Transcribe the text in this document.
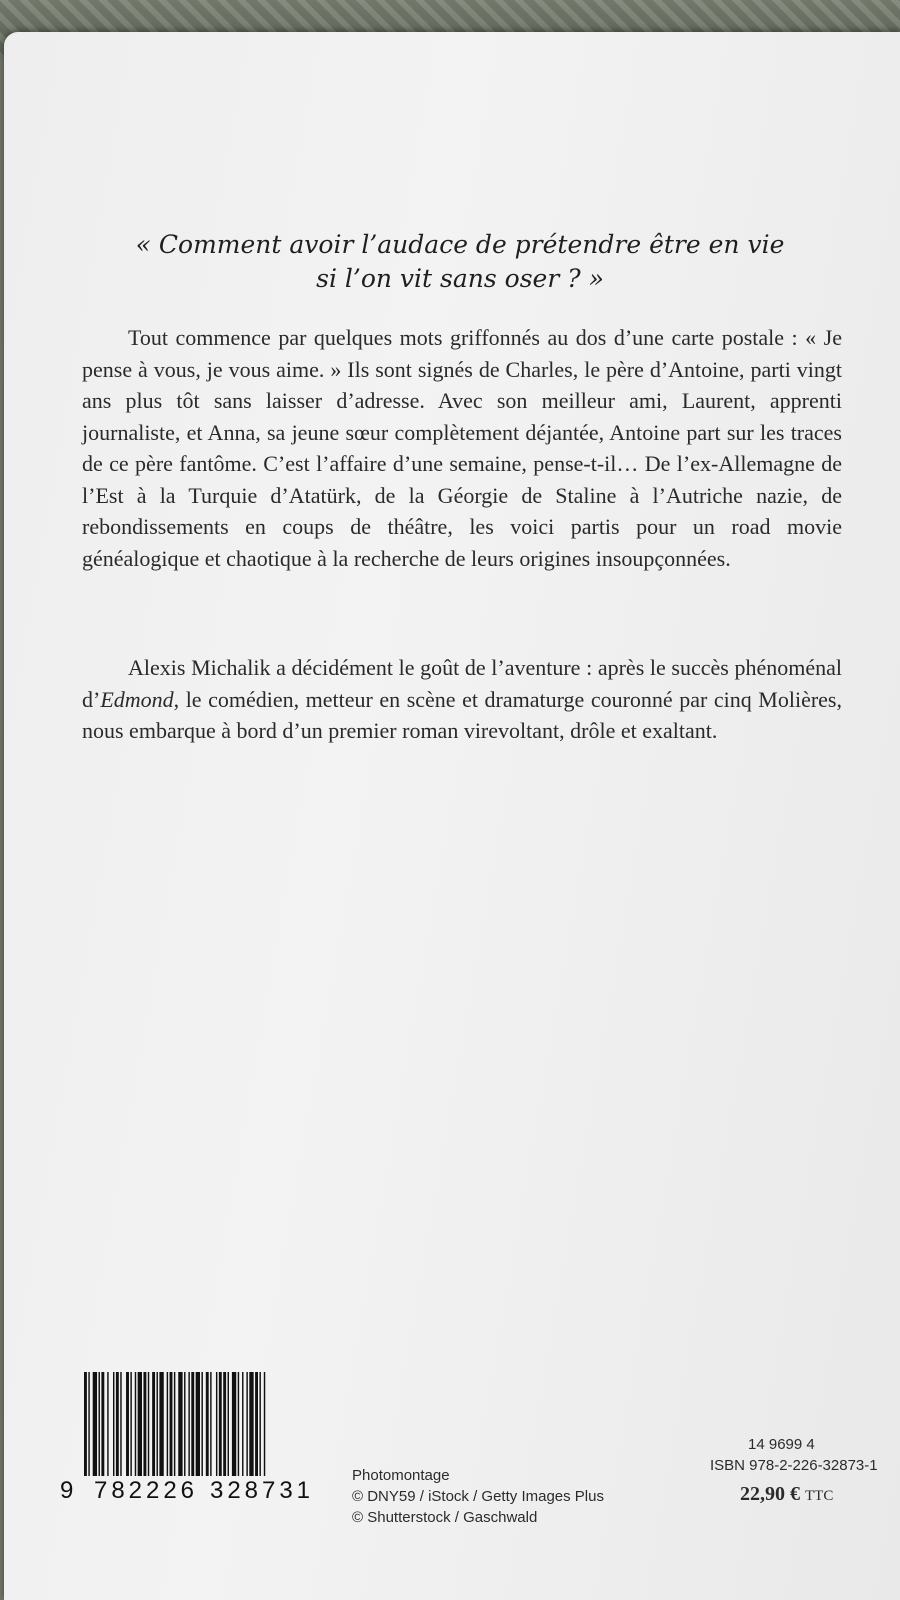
« Comment avoir l’audace de prétendre être en vie
si l’on vit sans oser ? »
Tout commence par quelques mots griffonnés au dos d’une carte postale : « Je pense à vous, je vous aime. » Ils sont signés de Charles, le père d’Antoine, parti vingt ans plus tôt sans laisser d’adresse. Avec son meilleur ami, Laurent, apprenti journaliste, et Anna, sa jeune sœur complètement déjantée, Antoine part sur les traces de ce père fantôme. C’est l’affaire d’une semaine, pense-t-il… De l’ex-Allemagne de l’Est à la Turquie d’Atatürk, de la Géorgie de Staline à l’Autriche nazie, de rebondissements en coups de théâtre, les voici partis pour un road movie généalogique et chaotique à la recherche de leurs origines insoupçonnées.
Alexis Michalik a décidément le goût de l’aventure : après le succès phénoménal d’Edmond, le comédien, metteur en scène et dramaturge couronné par cinq Molières, nous embarque à bord d’un premier roman virevoltant, drôle et exaltant.
9 782226 328731
Photomontage
© DNY59 / iStock / Getty Images Plus
© Shutterstock / Gaschwald
14 9699 4
ISBN 978-2-226-32873-1
22,90 € TTC
